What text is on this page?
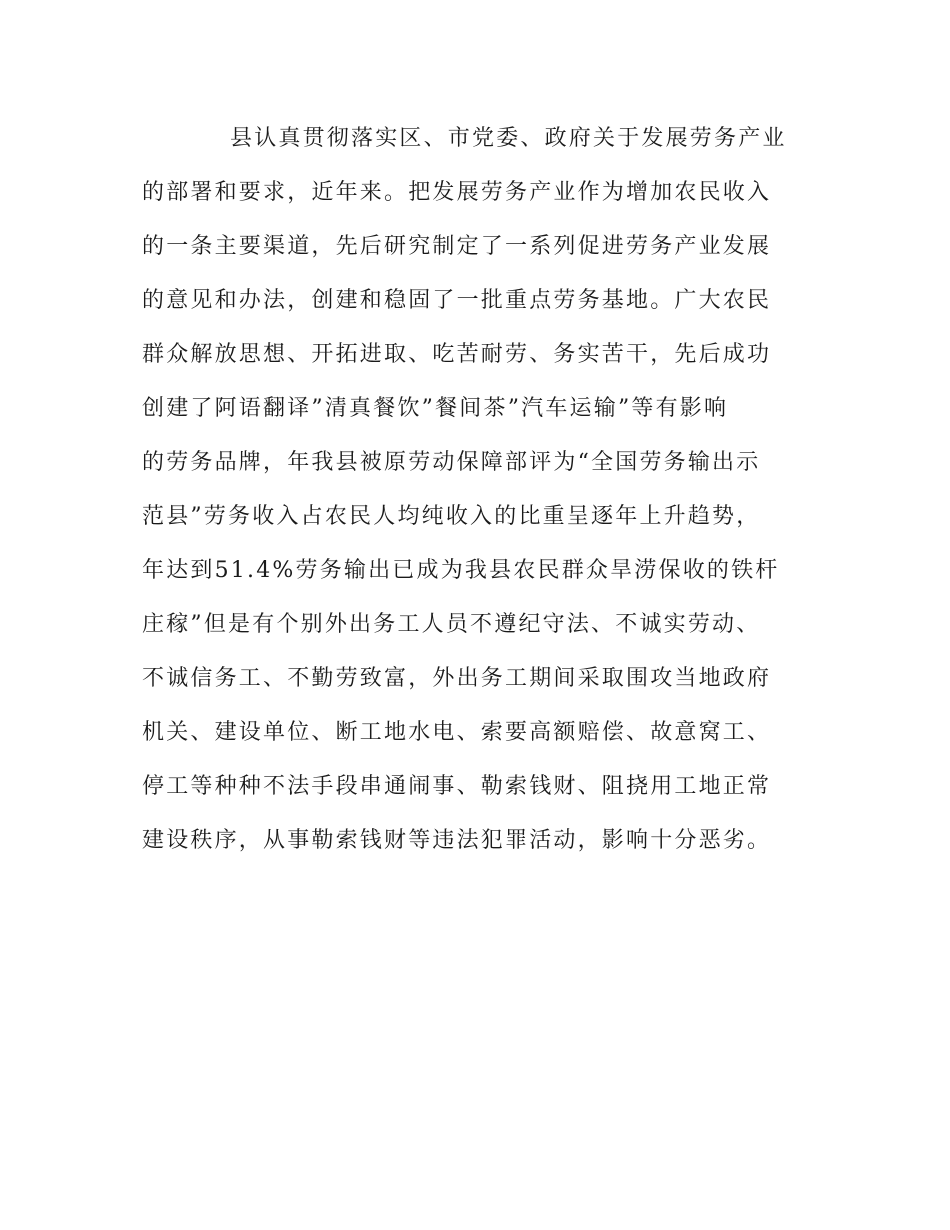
县认真贯彻落实区、市党委、政府关于发展劳务产业
的部署和要求，近年来。把发展劳务产业作为增加农民收入
的一条主要渠道，先后研究制定了一系列促进劳务产业发展
的意见和办法，创建和稳固了一批重点劳务基地。广大农民
群众解放思想、开拓进取、吃苦耐劳、务实苦干，先后成功
创建了阿语翻译”清真餐饮”餐间茶”汽车运输”等有影响
的劳务品牌，年我县被原劳动保障部评为“全国劳务输出示
范县”劳务收入占农民人均纯收入的比重呈逐年上升趋势，
年达到51.4%劳务输出已成为我县农民群众旱涝保收的铁杆
庄稼”但是有个别外出务工人员不遵纪守法、不诚实劳动、
不诚信务工、不勤劳致富，外出务工期间采取围攻当地政府
机关、建设单位、断工地水电、索要高额赔偿、故意窝工、
停工等种种不法手段串通闹事、勒索钱财、阻挠用工地正常
建设秩序，从事勒索钱财等违法犯罪活动，影响十分恶劣。
